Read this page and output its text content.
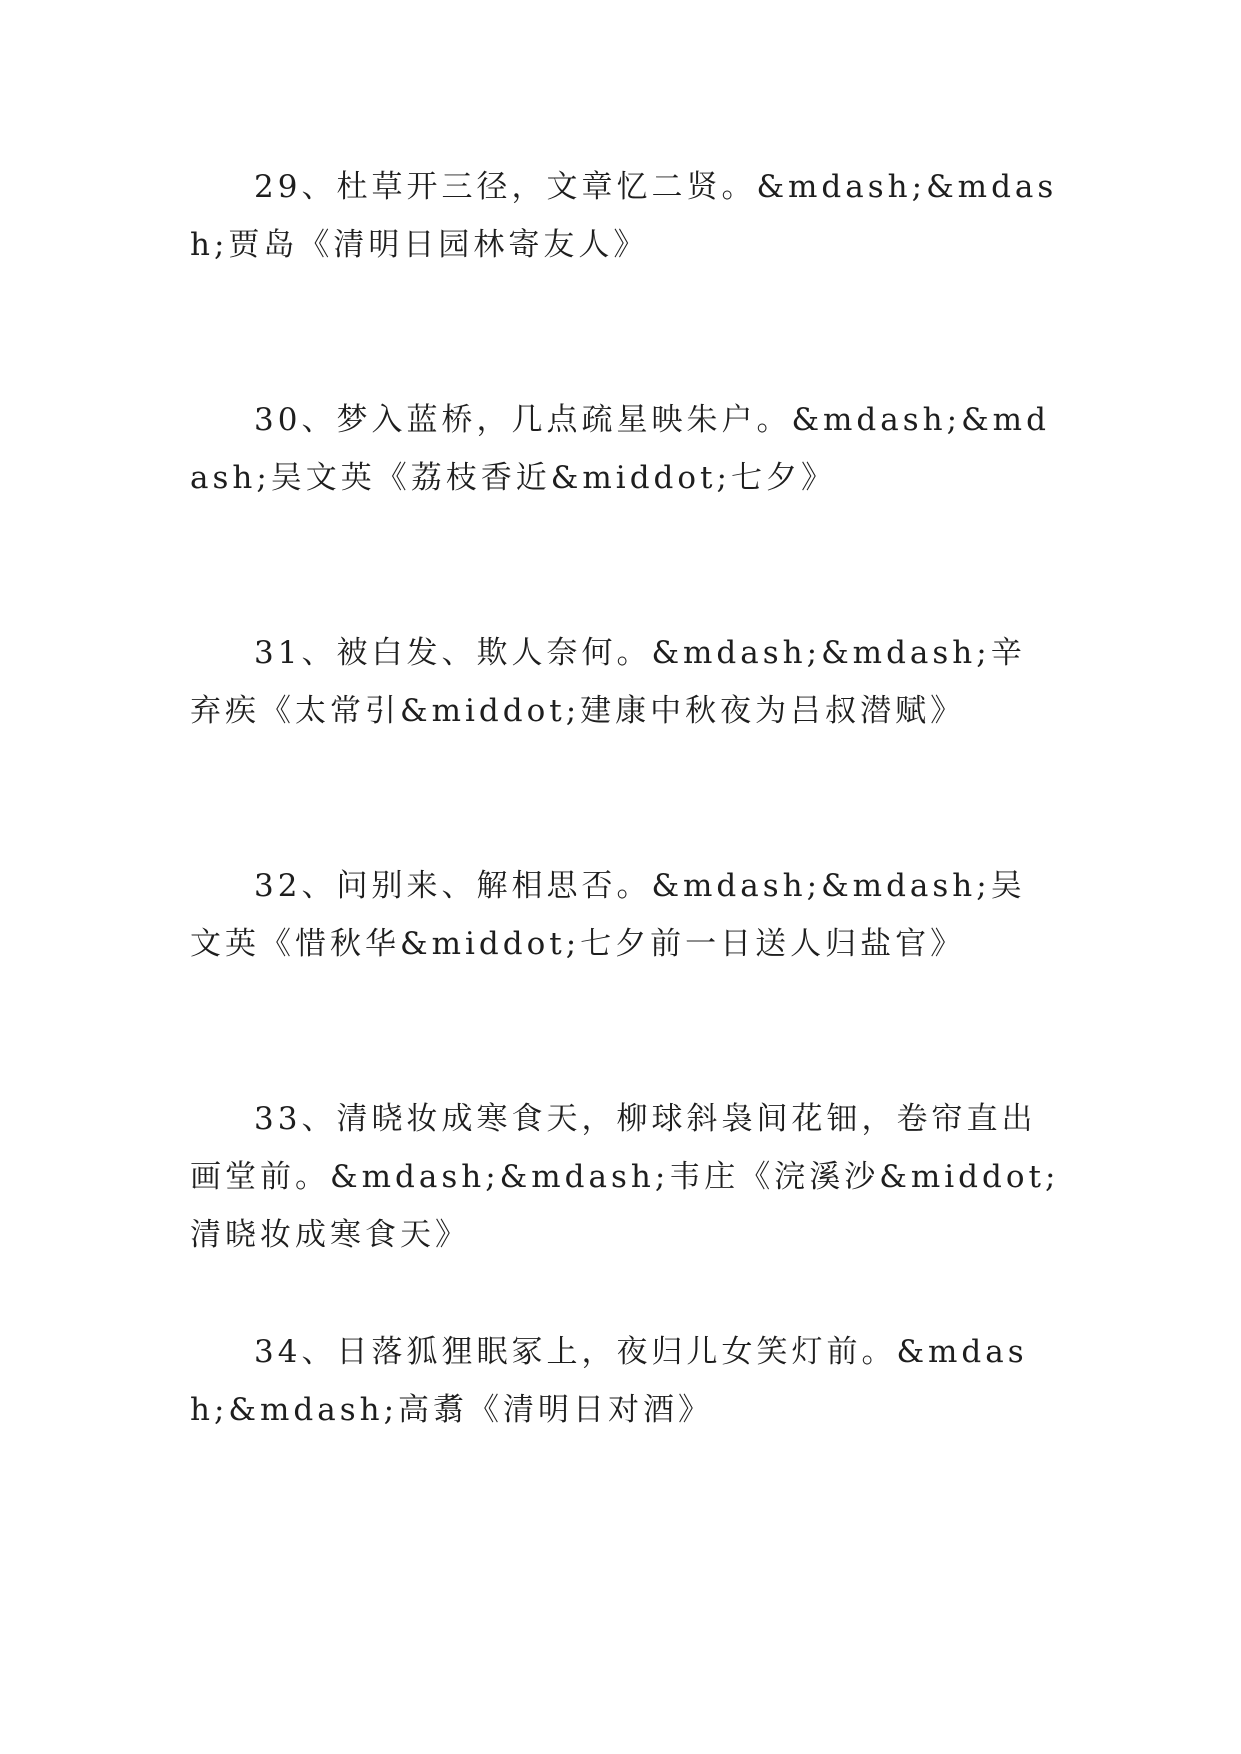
29、杜草开三径，文章忆二贤。&mdash;&mdash;贾岛《清明日园林寄友人》

30、梦入蓝桥，几点疏星映朱户。&mdash;&mdash;吴文英《荔枝香近&middot;七夕》

31、被白发、欺人奈何。&mdash;&mdash;辛弃疾《太常引&middot;建康中秋夜为吕叔潜赋》

32、问别来、解相思否。&mdash;&mdash;吴文英《惜秋华&middot;七夕前一日送人归盐官》

33、清晓妆成寒食天，柳球斜袅间花钿，卷帘直出画堂前。&mdash;&mdash;韦庄《浣溪沙&middot;清晓妆成寒食天》

34、日落狐狸眠冢上，夜归儿女笑灯前。&mdash;&mdash;高翥《清明日对酒》
